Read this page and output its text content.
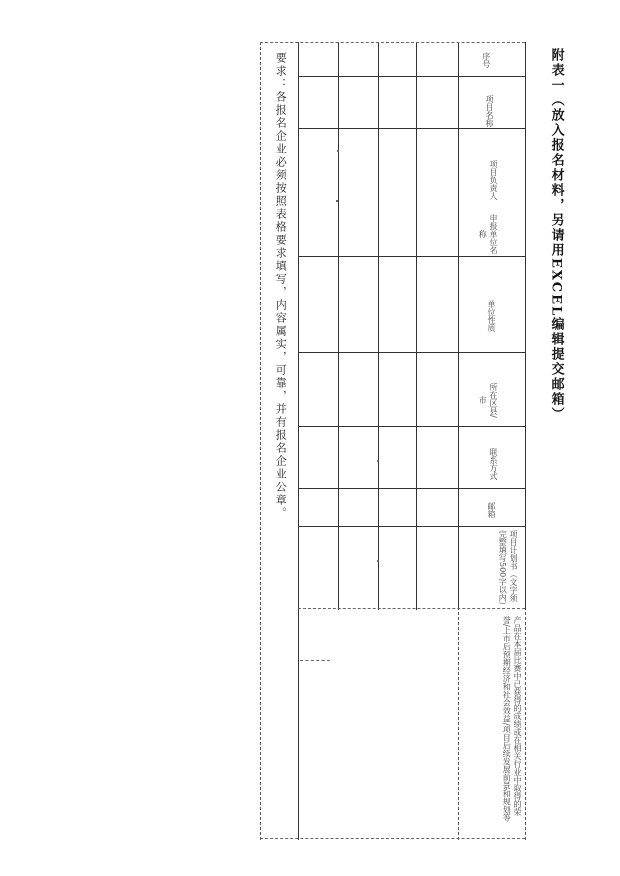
附表一（放入报名材料，另请用EXCEL编辑提交邮箱）
序号
项目名称
项目负责人
申报单位名称
单位性质
所在区县/市
联系方式
邮箱
项目计划书（文字须完整填写500字以内）
产品在本届比赛中已获得的成绩或在相关行业中取得的荣誉/上市后预期经济和社会效益/项目后续发展前景和规划等
要求：各报名企业必须按照表格要求填写，内容属实，可靠，并有报名企业公章。
